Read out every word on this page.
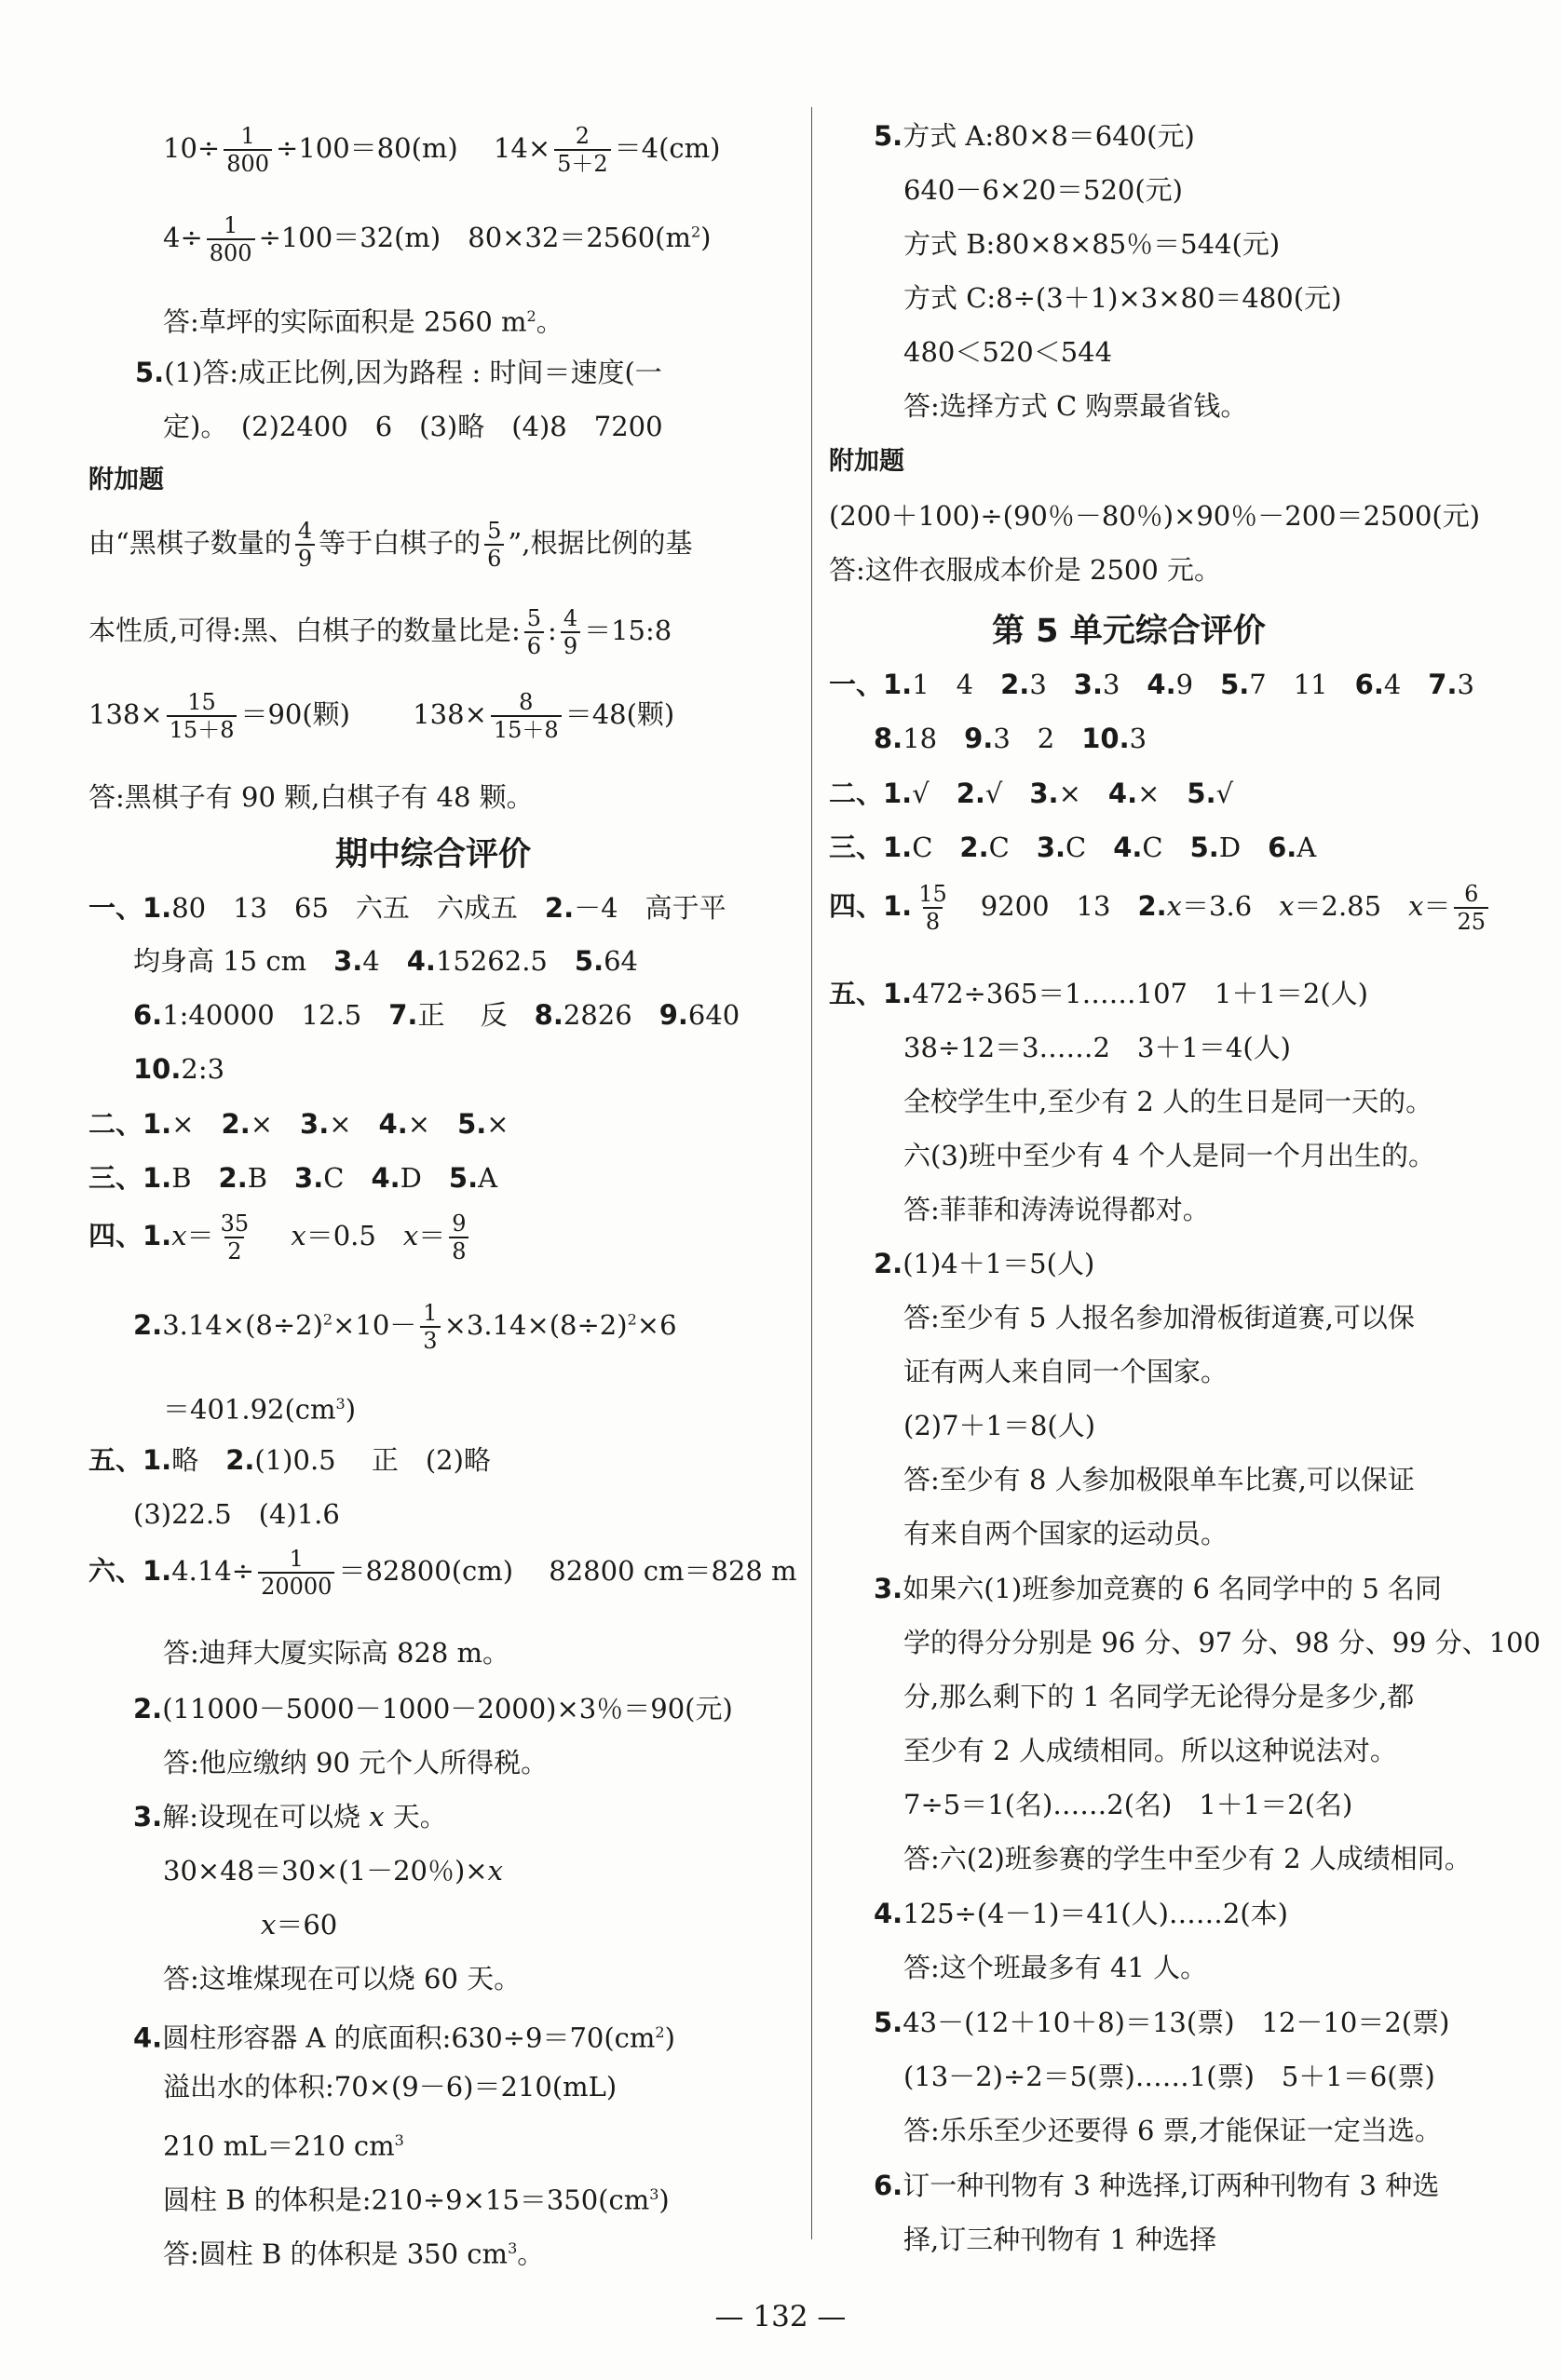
$10\div \frac{1}{800} \div 100=80(m)$　 $14\times \frac{2}{5+2} =4(cm)$
$4\div \frac{1}{800} \div 100=32(m)$　$80\times 32=2560(m^2)$
答:草坪的实际面积是 2560 $m^2$。
5.(1)答:成正比例,因为路程 : 时间＝速度(一
定)。　(2)2400　6　(3)略　(4)8　7200
附加题
由“黑棋子数量的 $\frac{4}{9}$ 等于白棋子的 $\frac{5}{6}$ ”,根据比例的基
本性质,可得:黑、白棋子的数量比是: $\frac{5}{6}$ : $\frac{4}{9}$ ＝15:8
$138\times \frac{15}{15+8} =90$(颗)　　 $138\times \frac{8}{15+8} =48$(颗)
答:黑棋子有 90 颗,白棋子有 48 颗。
期中综合评价
一、1.80　13　65　六五　六成五　2.－4　高于平
均身高 15 cm　3.4　4.15262.5　5.64
6.1:40000　12.5　7.正　 反　8.2826　9.640
10.2:3
二、1.×　2.×　3.×　4.×　5.×
三、1.B　2.B　3.C　4.D　5.A
四、$1.x= \frac{35}{2}$
　 x＝0.5　$x= \frac{9}{8}$
$2.3.14\times(8\div 2)^2\times 10- \frac{1}{3} \times 3.14\times(8\div 2)^2\times 6$
$=401.92(cm^3)$
五、1.略　2.(1)0.5　 正　(2)略
(3)22.5　(4)1.6
六、$1.4.14\div \frac{1}{20000} =82800(cm)$　 82800 cm＝828 m
答:迪拜大厦实际高 828 m。
2.(11000－5000－1000－2000)×3％＝90(元)
答:他应缴纳 90 元个人所得税。
3.解:设现在可以烧 x 天。
30×48＝30×(1－20％)×x
x＝60
答:这堆煤现在可以烧 60 天。
4.圆柱形容器 A 的底面积$:630\div 9=70(cm^2)$
溢出水的体积:70×(9－6)＝210(mL)
210 mL＝210 $cm^3$
圆柱 B 的体积是$:210\div 9\times 15=350(cm^3)$
答:圆柱 B 的体积是 350 $cm^3$。
5.方式 A:80×8＝640(元)
640－6×20＝520(元)
方式 B:80×8×85％＝544(元)
方式 C:8÷(3＋1)×3×80＝480(元)
480＜520＜544
答:选择方式 C 购票最省钱。
附加题
(200＋100)÷(90％－80％)×90％－200＝2500(元)
答:这件衣服成本价是 2500 元。
第 5 单元综合评价
一、1.1　4　2.3　3.3　4.9　5.7　11　6.4　7.3
8.18　9.3　2　10.3
二、1.√　2.√　3.×　4.×　5.√
三、1.C　2.C　3.C　4.C　5.D　6.A
四、1. $\frac{15}{8}$ 　9200　13　2.x＝3.6　x＝2.85　$x= \frac{6}{25}$
五、1.472÷365＝1……107　1＋1＝2(人)
38÷12＝3……2　3＋1＝4(人)
全校学生中,至少有 2 人的生日是同一天的。
六(3)班中至少有 4 个人是同一个月出生的。
答:菲菲和涛涛说得都对。
2.(1)4＋1＝5(人)
答:至少有 5 人报名参加滑板街道赛,可以保
证有两人来自同一个国家。
(2)7＋1＝8(人)
答:至少有 8 人参加极限单车比赛,可以保证
有来自两个国家的运动员。
3.如果六(1)班参加竞赛的 6 名同学中的 5 名同
学的得分分别是 96 分、97 分、98 分、99 分、100
分,那么剩下的 1 名同学无论得分是多少,都
至少有 2 人成绩相同。所以这种说法对。
7÷5＝1(名)……2(名)　1＋1＝2(名)
答:六(2)班参赛的学生中至少有 2 人成绩相同。
4.125÷(4－1)＝41(人)……2(本)
答:这个班最多有 41 人。
5.43－(12＋10＋8)＝13(票)　12－10＝2(票)
(13－2)÷2＝5(票)……1(票)　5＋1＝6(票)
答:乐乐至少还要得 6 票,才能保证一定当选。
6.订一种刊物有 3 种选择,订两种刊物有 3 种选
择,订三种刊物有 1 种选择
— 132 —
